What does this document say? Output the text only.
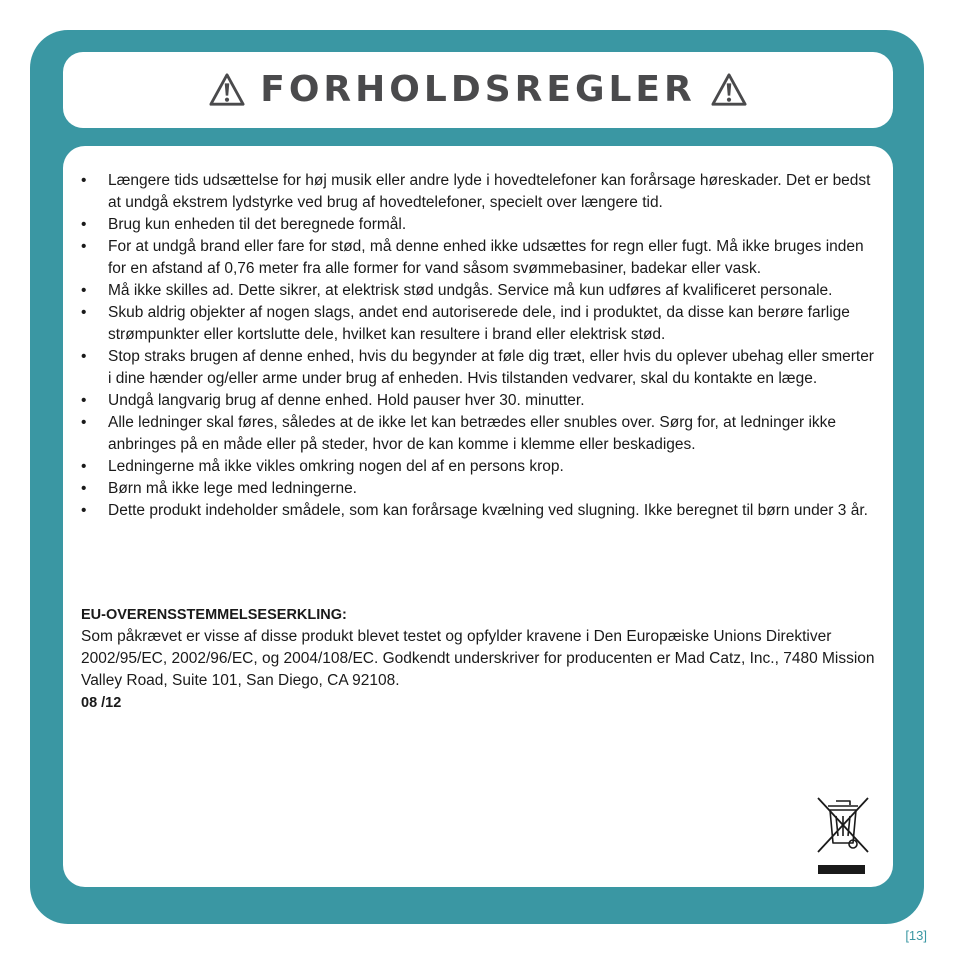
FORHOLDSREGLER
• Længere tids udsættelse for høj musik eller andre lyde i hovedtelefoner kan forårsage høreskader. Det er bedst at undgå ekstrem lydstyrke ved brug af hovedtelefoner, specielt over længere tid.
• Brug kun enheden til det beregnede formål.
• For at undgå brand eller fare for stød, må denne enhed ikke udsættes for regn eller fugt. Må ikke bruges inden for en afstand af 0,76 meter fra alle former for vand såsom svømmebasiner, badekar eller vask.
• Må ikke skilles ad. Dette sikrer, at elektrisk stød undgås. Service må kun udføres af kvalificeret personale.
• Skub aldrig objekter af nogen slags, andet end autoriserede dele, ind i produktet, da disse kan berøre farlige strømpunkter eller kortslutte dele, hvilket kan resultere i brand eller elektrisk stød.
• Stop straks brugen af denne enhed, hvis du begynder at føle dig træt, eller hvis du oplever ubehag eller smerter i dine hænder og/eller arme under brug af enheden. Hvis tilstanden vedvarer, skal du kontakte en læge.
• Undgå langvarig brug af denne enhed. Hold pauser hver 30. minutter.
• Alle ledninger skal føres, således at de ikke let kan betrædes eller snubles over. Sørg for, at ledninger ikke anbringes på en måde eller på steder, hvor de kan komme i klemme eller beskadiges.
• Ledningerne må ikke vikles omkring nogen del af en persons krop.
• Børn må ikke lege med ledningerne.
• Dette produkt indeholder smådele, som kan forårsage kvælning ved slugning. Ikke beregnet til børn under 3 år.
EU-OVERENSSTEMMELSESERKLING:
Som påkrævet er visse af disse produkt blevet testet og opfylder kravene i Den Europæiske Unions Direktiver 2002/95/EC, 2002/96/EC, og 2004/108/EC. Godkendt underskriver for producenten er Mad Catz, Inc., 7480 Mission Valley Road, Suite 101, San Diego, CA 92108.
08 /12
[13]
